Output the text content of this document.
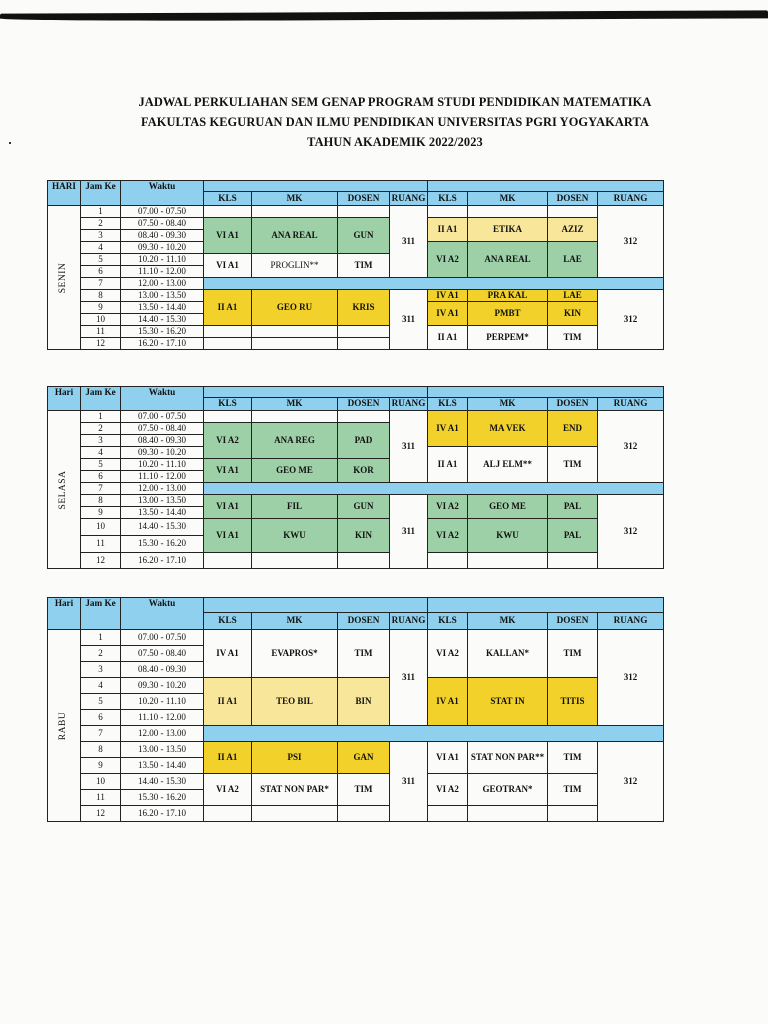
JADWAL PERKULIAHAN SEM GENAP PROGRAM STUDI PENDIDIKAN MATEMATIKA
FAKULTAS KEGURUAN DAN ILMU PENDIDIKAN UNIVERSITAS PGRI YOGYAKARTA
TAHUN AKADEMIK 2022/2023
HARI	Jam Ke	Waktu								
			KLS	MK	DOSEN	RUANG	KLS	MK	DOSEN	RUANG

SENIN	1	07.00 - 07.50				311				312
	2	07.50 - 08.40	VI A1	ANA REAL	GUN		II A1	ETIKA	AZIZ	
	3	08.40 - 09.30								
	4	09.30 - 10.20					VI A2	ANA REAL	LAE	
	5	10.20 - 11.10	VI A1	PROGLIN**	TIM					
	6	11.10 - 12.00								
	7	12.00 - 13.00								
	8	13.00 - 13.50	II A1	GEO RU	KRIS	311	IV A1	PRA KAL	LAE	312
	9	13.50 - 14.40					IV A1	PMBT	KIN	
	10	14.40 - 15.30								
	11	15.30 - 16.20					II A1	PERPEM*	TIM	
	12	16.20 - 17.10								
Hari	Jam Ke	Waktu								
			KLS	MK	DOSEN	RUANG	KLS	MK	DOSEN	RUANG

SELASA	1	07.00 - 07.50				311	IV A1	MA VEK	END	312
	2	07.50 - 08.40	VI A2	ANA REG	PAD					
	3	08.40 - 09.30								
	4	09.30 - 10.20					II A1	ALJ ELM**	TIM	
	5	10.20 - 11.10	VI A1	GEO ME	KOR					
	6	11.10 - 12.00								
	7	12.00 - 13.00								
	8	13.00 - 13.50	VI A1	FIL	GUN	311	VI A2	GEO ME	PAL	312
	9	13.50 - 14.40								
	10	14.40 - 15.30	VI A1	KWU	KIN		VI A2	KWU	PAL	
	11	15.30 - 16.20								
	12	16.20 - 17.10								
Hari	Jam Ke	Waktu								
			KLS	MK	DOSEN	RUANG	KLS	MK	DOSEN	RUANG

RABU	1	07.00 - 07.50	IV A1	EVAPROS*	TIM	311	VI A2	KALLAN*	TIM	312
	2	07.50 - 08.40								
	3	08.40 - 09.30								
	4	09.30 - 10.20	II A1	TEO BIL	BIN		IV A1	STAT IN	TITIS	
	5	10.20 - 11.10								
	6	11.10 - 12.00								
	7	12.00 - 13.00								
	8	13.00 - 13.50	II A1	PSI	GAN	311	VI A1	STAT NON PAR**	TIM	312
	9	13.50 - 14.40								
	10	14.40 - 15.30	VI A2	STAT NON PAR*	TIM		VI A2	GEOTRAN*	TIM	
	11	15.30 - 16.20								
	12	16.20 - 17.10								
